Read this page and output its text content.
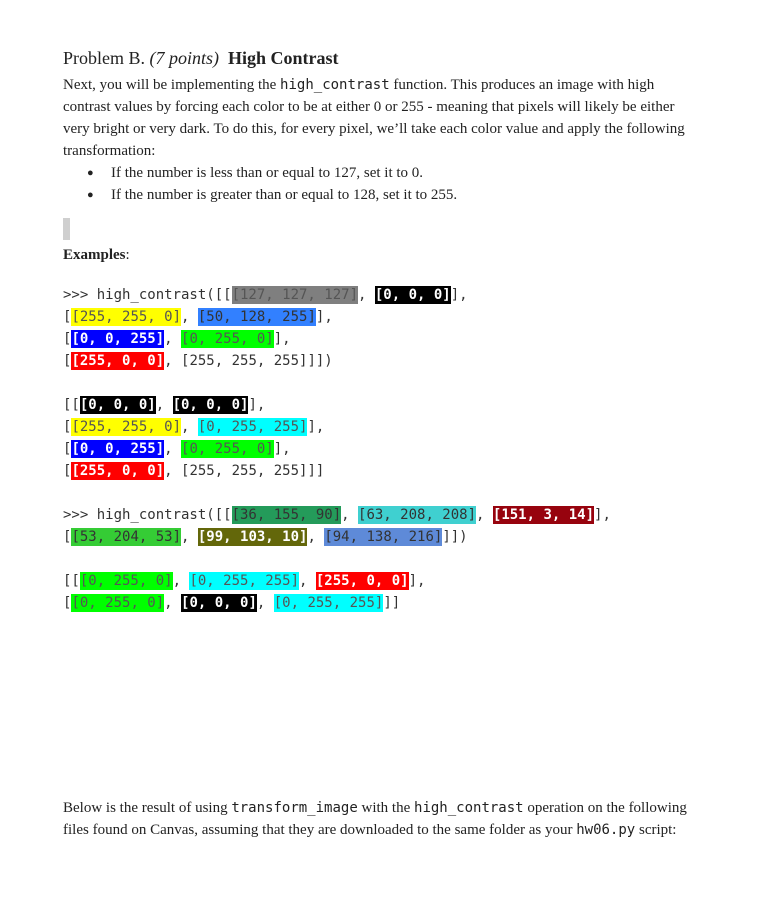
Problem B. (7 points) High Contrast

Next, you will be implementing the high_contrast function. This produces an image with high contrast values by forcing each color to be at either 0 or 255 - meaning that pixels will likely be either very bright or very dark. To do this, for every pixel, we’ll take each color value and apply the following transformation:

● If the number is less than or equal to 127, set it to 0.
● If the number is greater than or equal to 128, set it to 255.

Examples:

>>> high_contrast([[[127, 127, 127], [0, 0, 0]],
[[255, 255, 0], [50, 128, 255]],
[[0, 0, 255], [0, 255, 0]],
[[255, 0, 0], [255, 255, 255]]])
[[[0, 0, 0], [0, 0, 0]],
[[255, 255, 0], [0, 255, 255]],
[[0, 0, 255], [0, 255, 0]],
[[255, 0, 0], [255, 255, 255]]]
>>> high_contrast([[[36, 155, 90], [63, 208, 208], [151, 3, 14]],
[[53, 204, 53], [99, 103, 10], [94, 138, 216]]])
[[[0, 255, 0], [0, 255, 255], [255, 0, 0]],
[[0, 255, 0], [0, 0, 0], [0, 255, 255]]]

Below is the result of using transform_image with the high_contrast operation on the following files found on Canvas, assuming that they are downloaded to the same folder as your hw06.py script:
